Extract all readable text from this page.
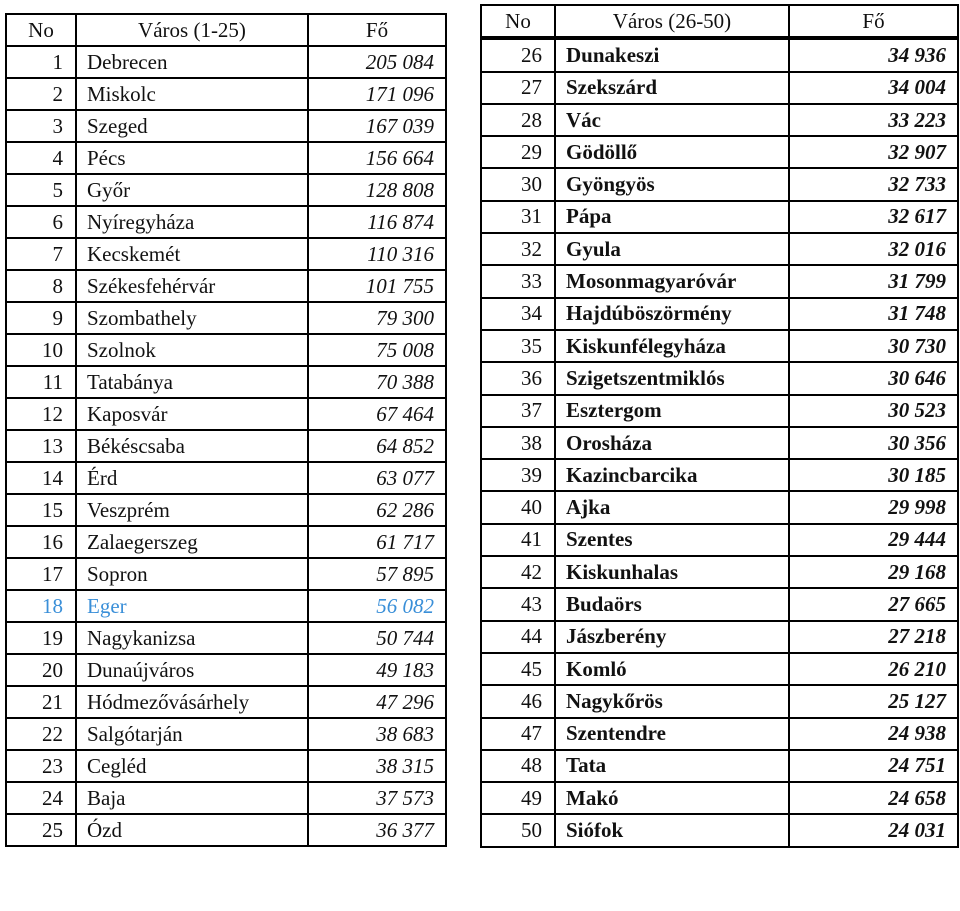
No	Város (1-25)	Fő
1	Debrecen	205 084
2	Miskolc	171 096
3	Szeged	167 039
4	Pécs	156 664
5	Győr	128 808
6	Nyíregyháza	116 874
7	Kecskemét	110 316
8	Székesfehérvár	101 755
9	Szombathely	79 300
10	Szolnok	75 008
11	Tatabánya	70 388
12	Kaposvár	67 464
13	Békéscsaba	64 852
14	Érd	63 077
15	Veszprém	62 286
16	Zalaegerszeg	61 717
17	Sopron	57 895
18	Eger	56 082
19	Nagykanizsa	50 744
20	Dunaújváros	49 183
21	Hódmezővásárhely	47 296
22	Salgótarján	38 683
23	Cegléd	38 315
24	Baja	37 573
25	Ózd	36 377
No	Város (26-50)	Fő
26	Dunakeszi	34 936
27	Szekszárd	34 004
28	Vác	33 223
29	Gödöllő	32 907
30	Gyöngyös	32 733
31	Pápa	32 617
32	Gyula	32 016
33	Mosonmagyaróvár	31 799
34	Hajdúböszörmény	31 748
35	Kiskunfélegyháza	30 730
36	Szigetszentmiklós	30 646
37	Esztergom	30 523
38	Orosháza	30 356
39	Kazincbarcika	30 185
40	Ajka	29 998
41	Szentes	29 444
42	Kiskunhalas	29 168
43	Budaörs	27 665
44	Jászberény	27 218
45	Komló	26 210
46	Nagykőrös	25 127
47	Szentendre	24 938
48	Tata	24 751
49	Makó	24 658
50	Siófok	24 031
